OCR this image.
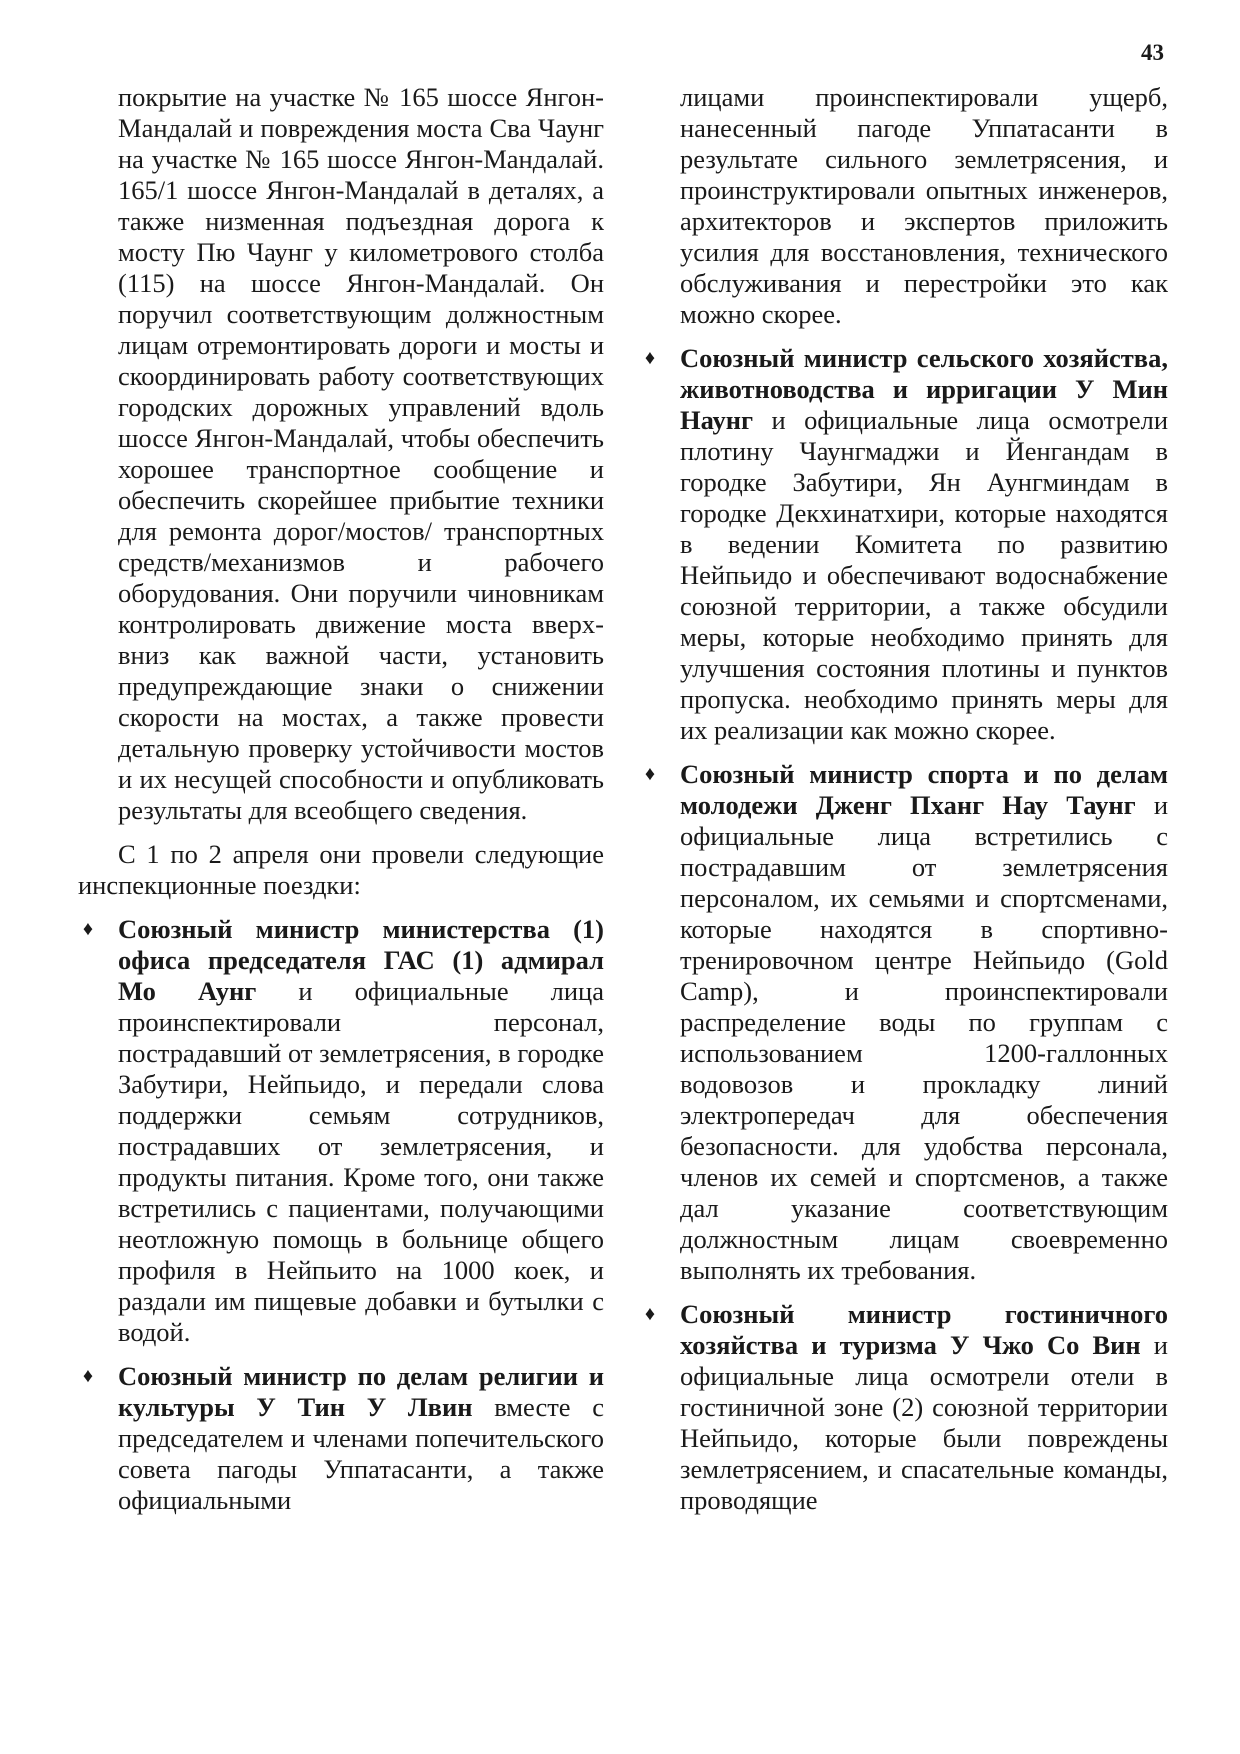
43

покрытие на участке № 165 шоссе Янгон-Мандалай и повреждения моста Сва Чаунг на участке № 165 шоссе Янгон-Мандалай. 165/1 шоссе Янгон-Мандалай в деталях, а также низменная подъездная дорога к мосту Пю Чаунг у километрового столба (115) на шоссе Янгон-Мандалай. Он поручил соответствующим должностным лицам отремонтировать дороги и мосты и скоординировать работу соответствующих городских дорожных управлений вдоль шоссе Янгон-Мандалай, чтобы обеспечить хорошее транспортное сообщение и обеспечить скорейшее прибытие техники для ремонта дорог/мостов/ транспортных средств/механизмов и рабочего оборудования. Они поручили чиновникам контролировать движение моста вверх-вниз как важной части, установить предупреждающие знаки о снижении скорости на мостах, а также провести детальную проверку устойчивости мостов и их несущей способности и опубликовать результаты для всеобщего сведения.

С 1 по 2 апреля они провели следующие инспекционные поездки:

♦ Союзный министр министерства (1) офиса председателя ГАС (1) адмирал Мо Аунг и официальные лица проинспектировали персонал, пострадавший от землетрясения, в городке Забутири, Нейпьидо, и передали слова поддержки семьям сотрудников, пострадавших от землетрясения, и продукты питания. Кроме того, они также встретились с пациентами, получающими неотложную помощь в больнице общего профиля в Нейпьито на 1000 коек, и раздали им пищевые добавки и бутылки с водой.
♦ Союзный министр по делам религии и культуры У Тин У Лвин вместе с председателем и членами попечительского совета пагоды Уппатасанти, а также официальными

лицами проинспектировали ущерб, нанесенный пагоде Уппатасанти в результате сильного землетрясения, и проинструктировали опытных инженеров, архитекторов и экспертов приложить усилия для восстановления, технического обслуживания и перестройки это как можно скорее.

♦ Союзный министр сельского хозяйства, животноводства и ирригации У Мин Наунг и официальные лица осмотрели плотину Чаунгмаджи и Йенгандам в городке Забутири, Ян Аунгминдам в городке Декхинатхири, которые находятся в ведении Комитета по развитию Нейпьидо и обеспечивают водоснабжение союзной территории, а также обсудили меры, которые необходимо принять для улучшения состояния плотины и пунктов пропуска. необходимо принять меры для их реализации как можно скорее.
♦ Союзный министр спорта и по делам молодежи Дженг Пханг Нау Таунг и официальные лица встретились с пострадавшим от землетрясения персоналом, их семьями и спортсменами, которые находятся в спортивно-тренировочном центре Нейпьидо (Gold Camp), и проинспектировали распределение воды по группам с использованием 1200-галлонных водовозов и прокладку линий электропередач для обеспечения безопасности. для удобства персонала, членов их семей и спортсменов, а также дал указание соответствующим должностным лицам своевременно выполнять их требования.
♦ Союзный министр гостиничного хозяйства и туризма У Чжо Со Вин и официальные лица осмотрели отели в гостиничной зоне (2) союзной территории Нейпьидо, которые были повреждены землетрясением, и спасательные команды, проводящие
